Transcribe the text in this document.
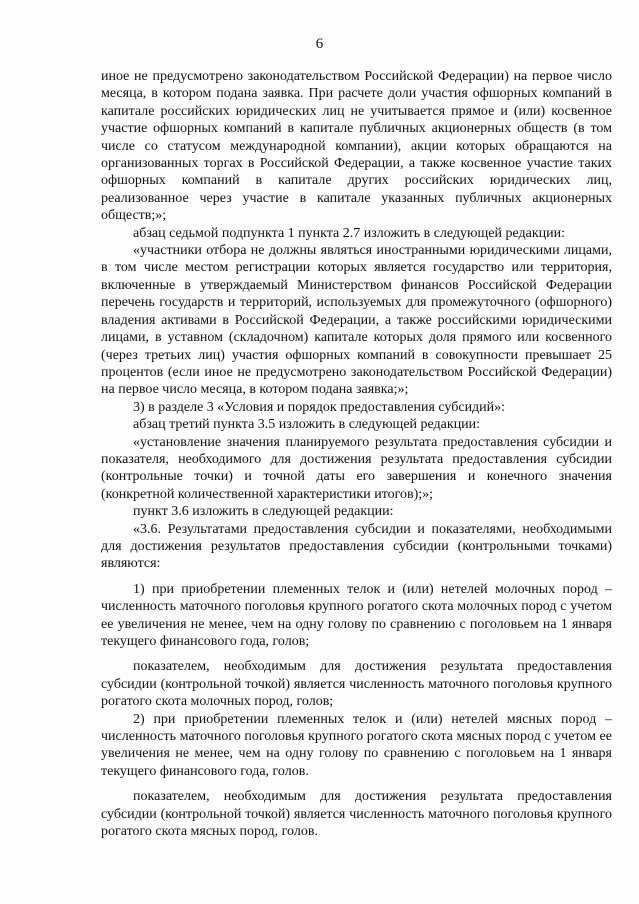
6

иное не предусмотрено законодательством Российской Федерации) на первое число месяца, в котором подана заявка. При расчете доли участия офшорных компаний в капитале российских юридических лиц не учитывается прямое и (или) косвенное участие офшорных компаний в капитале публичных акционерных обществ (в том числе со статусом международной компании), акции которых обращаются на организованных торгах в Российской Федерации, а также косвенное участие таких офшорных компаний в капитале других российских юридических лиц, реализованное через участие в капитале указанных публичных акционерных обществ;»;

абзац седьмой подпункта 1 пункта 2.7 изложить в следующей редакции:

«участники отбора не должны являться иностранными юридическими лицами, в том числе местом регистрации которых является государство или территория, включенные в утверждаемый Министерством финансов Российской Федерации перечень государств и территорий, используемых для промежуточного (офшорного) владения активами в Российской Федерации, а также российскими юридическими лицами, в уставном (складочном) капитале которых доля прямого или косвенного (через третьих лиц) участия офшорных компаний в совокупности превышает 25 процентов (если иное не предусмотрено законодательством Российской Федерации) на первое число месяца, в котором подана заявка;»;

3) в разделе 3 «Условия и порядок предоставления субсидий»:

абзац третий пункта 3.5 изложить в следующей редакции:

«установление значения планируемого результата предоставления субсидии и показателя, необходимого для достижения результата предоставления субсидии (контрольные точки) и точной даты его завершения и конечного значения (конкретной количественной характеристики итогов);»;

пункт 3.6 изложить в следующей редакции:

«3.6. Результатами предоставления субсидии и показателями, необходимыми для достижения результатов предоставления субсидии (контрольными точками) являются:

1) при приобретении племенных телок и (или) нетелей молочных пород – численность маточного поголовья крупного рогатого скота молочных пород с учетом ее увеличения не менее, чем на одну голову по сравнению с поголовьем на 1 января текущего финансового года, голов;

показателем, необходимым для достижения результата предоставления субсидии (контрольной точкой) является численность маточного поголовья крупного рогатого скота молочных пород, голов;

2) при приобретении племенных телок и (или) нетелей мясных пород – численность маточного поголовья крупного рогатого скота мясных пород с учетом ее увеличения не менее, чем на одну голову по сравнению с поголовьем на 1 января текущего финансового года, голов.

показателем, необходимым для достижения результата предоставления субсидии (контрольной точкой) является численность маточного поголовья крупного рогатого скота мясных пород, голов.
